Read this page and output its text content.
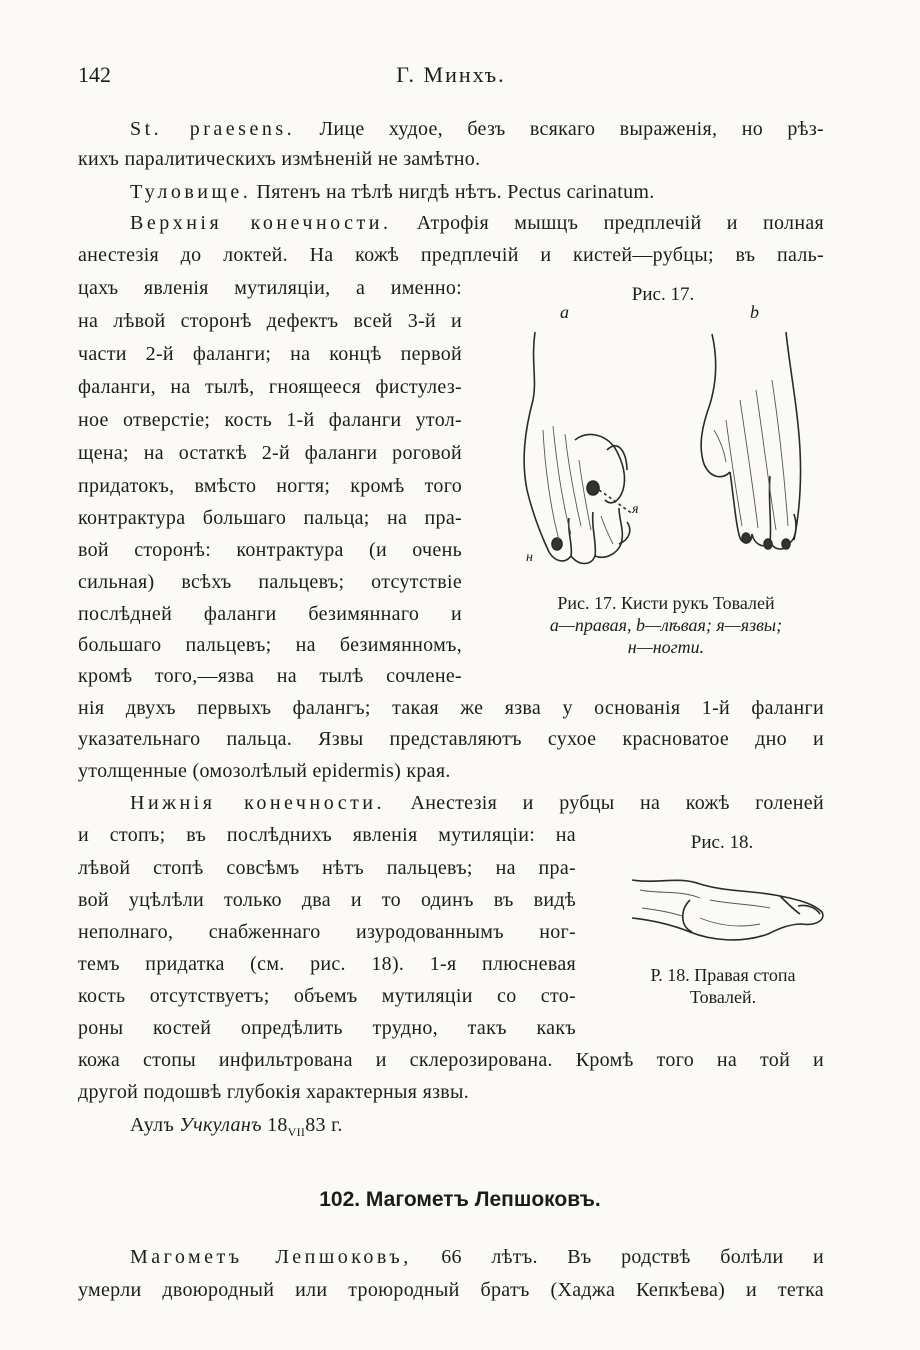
142	Г. Минхъ.
St. praesens. Лице худое, безъ всякаго выраженія, но рѣз-
кихъ паралитическихъ измѣненій не замѣтно.
Туловище. Пятенъ на тѣлѣ нигдѣ нѣтъ. Pectus carinatum.
Верхнія конечности. Атрофія мышцъ предплечій и полная
анестезія до локтей. На кожѣ предплечій и кистей—рубцы; въ паль-
цахъ явленія мутиляціи, а именно:
на лѣвой сторонѣ дефектъ всей 3-й и
части 2-й фаланги; на концѣ первой
фаланги, на тылѣ, гноящееся фистулез-
ное отверстіе; кость 1-й фаланги утол-
щена; на остаткѣ 2-й фаланги роговой
придатокъ, вмѣсто ногтя; кромѣ того
контрактура большаго пальца; на пра-
вой сторонѣ: контрактура (и очень
сильная) всѣхъ пальцевъ; отсутствіе
послѣдней фаланги безимяннаго и
большаго пальцевъ; на безимянномъ,
кромѣ того,—язва на тылѣ сочлене-
нія двухъ первыхъ фалангъ; такая же язва у основанія 1-й фаланги
указательнаго пальца. Язвы представляютъ сухое красноватое дно и
утолщенные (омозолѣлый epidermis) края.
Нижнія конечности. Анестезія и рубцы на кожѣ голеней
и стопъ; въ послѣднихъ явленія мутиляціи: на
лѣвой стопѣ совсѣмъ нѣтъ пальцевъ; на пра-
вой уцѣлѣли только два и то одинъ въ видѣ
неполнаго, снабженнаго изуродованнымъ ног-
темъ придатка (см. рис. 18). 1-я плюсневая
кость отсутствуетъ; объемъ мутиляціи со сто-
роны костей опредѣлить трудно, такъ какъ
кожа стопы инфильтрована и склерозирована. Кромѣ того на той и
другой подошвѣ глубокія характерныя язвы.
Аулъ Учкуланъ $18_{VII}83$ г.
102. Магометъ Лепшоковъ.
Магометъ Лепшоковъ, 66 лѣтъ. Въ родствѣ болѣли и
умерли двоюродный или троюродный братъ (Хаджа Кепкѣева) и тетка
Рис. 17.
a	b
я
н
Рис. 17. Кисти рукъ Товалей
a—правая, b—лѣвая; я—язвы;
н—ногти.
Рис. 18.
Р. 18. Правая стопа
Товалей.
